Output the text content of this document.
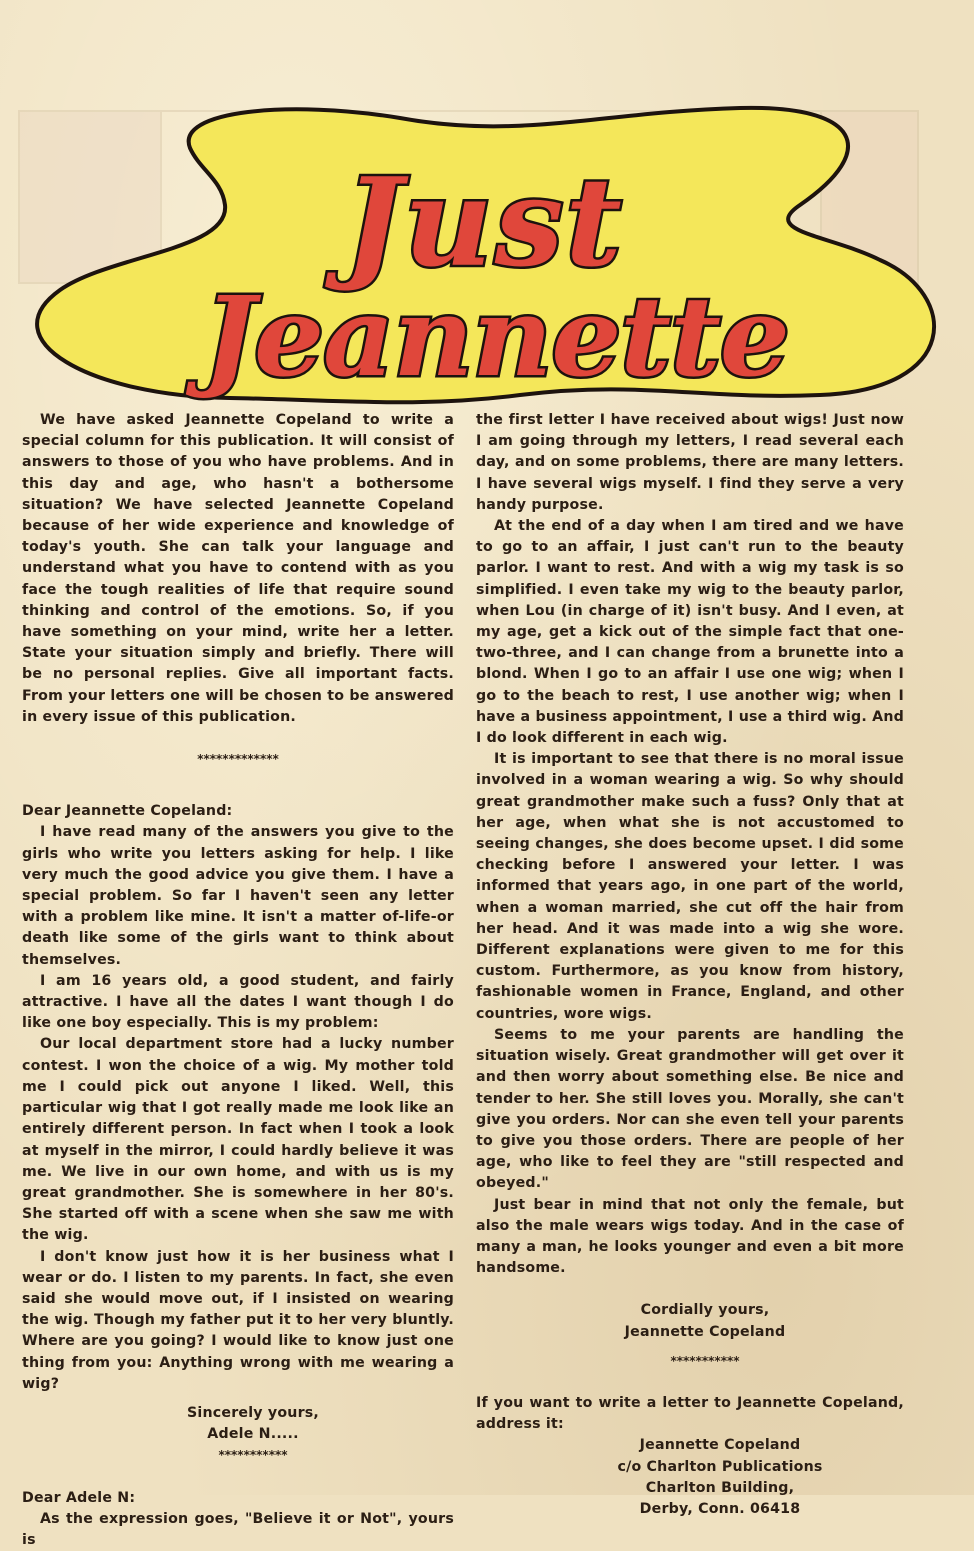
Just
Jeannette

We have asked Jeannette Copeland to write a special column for this publication. It will consist of answers to those of you who have problems. And in this day and age, who hasn't a bothersome situation? We have selected Jeannette Copeland because of her wide experience and knowledge of today's youth. She can talk your language and understand what you have to contend with as you face the tough realities of life that require sound thinking and control of the emotions. So, if you have something on your mind, write her a letter. State your situation simply and briefly. There will be no personal replies. Give all important facts. From your letters one will be chosen to be answered in every issue of this publication.

*************

Dear Jeannette Copeland:

I have read many of the answers you give to the girls who write you letters asking for help. I like very much the good advice you give them. I have a special problem. So far I haven't seen any letter with a problem like mine. It isn't a matter of-life-or death like some of the girls want to think about themselves.

I am 16 years old, a good student, and fairly attractive. I have all the dates I want though I do like one boy especially. This is my problem:

Our local department store had a lucky number contest. I won the choice of a wig. My mother told me I could pick out anyone I liked. Well, this particular wig that I got really made me look like an entirely different person. In fact when I took a look at myself in the mirror, I could hardly believe it was me. We live in our own home, and with us is my great grandmother. She is somewhere in her 80's. She started off with a scene when she saw me with the wig.

I don't know just how it is her business what I wear or do. I listen to my parents. In fact, she even said she would move out, if I insisted on wearing the wig. Though my father put it to her very bluntly. Where are you going? I would like to know just one thing from you: Anything wrong with me wearing a wig?

Sincerely yours,

Adele N.....

***********

Dear Adele N:

As the expression goes, "Believe it or Not", yours is

the first letter I have received about wigs! Just now I am going through my letters, I read several each day, and on some problems, there are many letters. I have several wigs myself. I find they serve a very handy purpose.

At the end of a day when I am tired and we have to go to an affair, I just can't run to the beauty parlor. I want to rest. And with a wig my task is so simplified. I even take my wig to the beauty parlor, when Lou (in charge of it) isn't busy. And I even, at my age, get a kick out of the simple fact that one-two-three, and I can change from a brunette into a blond. When I go to an affair I use one wig; when I go to the beach to rest, I use another wig; when I have a business appointment, I use a third wig. And I do look different in each wig.

It is important to see that there is no moral issue involved in a woman wearing a wig. So why should great grandmother make such a fuss? Only that at her age, when what she is not accustomed to seeing changes, she does become upset. I did some checking before I answered your letter. I was informed that years ago, in one part of the world, when a woman married, she cut off the hair from her head. And it was made into a wig she wore. Different explanations were given to me for this custom. Furthermore, as you know from history, fashionable women in France, England, and other countries, wore wigs.

Seems to me your parents are handling the situation wisely. Great grandmother will get over it and then worry about something else. Be nice and tender to her. She still loves you. Morally, she can't give you orders. Nor can she even tell your parents to give you those orders. There are people of her age, who like to feel they are "still respected and obeyed."

Just bear in mind that not only the female, but also the male wears wigs today. And in the case of many a man, he looks younger and even a bit more handsome.

Cordially yours,

Jeannette Copeland

***********

If you want to write a letter to Jeannette Copeland, address it:

Jeannette Copeland

c/o Charlton Publications

Charlton Building,

Derby, Conn. 06418
